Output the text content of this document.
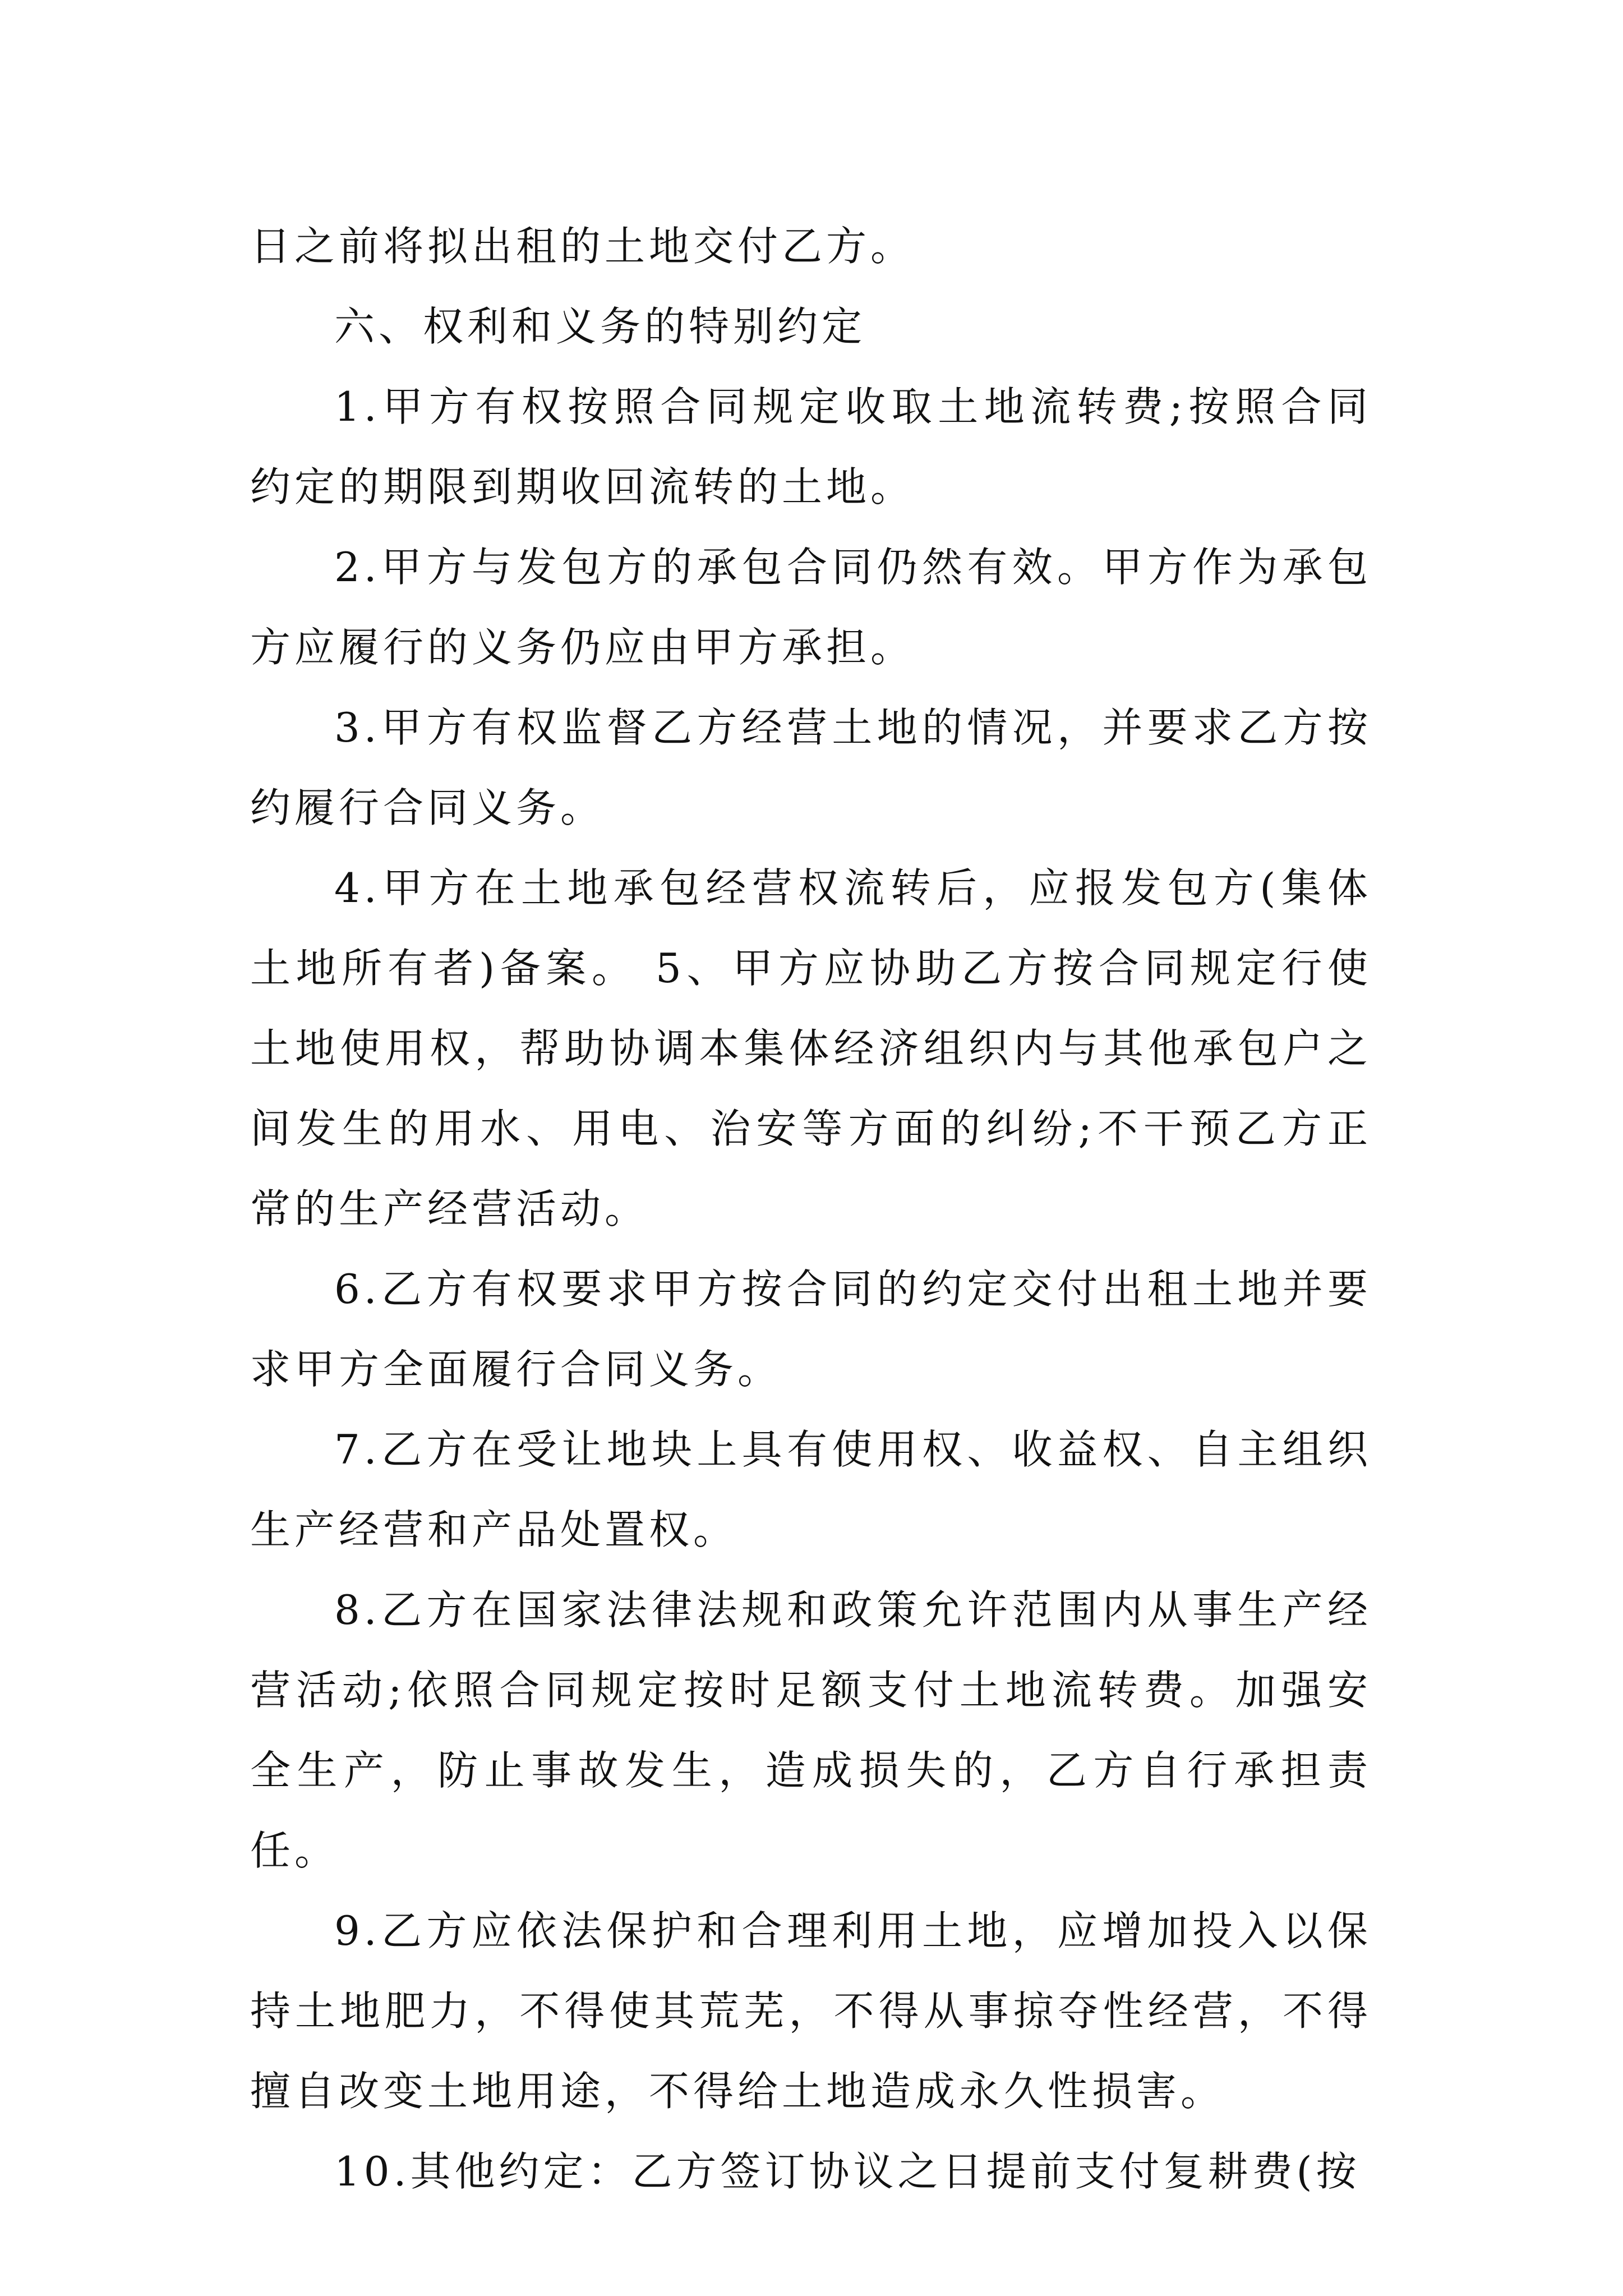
日之前将拟出租的土地交付乙方。

六、权利和义务的特别约定

1.甲方有权按照合同规定收取土地流转费;按照合同约定的期限到期收回流转的土地。

2.甲方与发包方的承包合同仍然有效。甲方作为承包方应履行的义务仍应由甲方承担。

3.甲方有权监督乙方经营土地的情况，并要求乙方按约履行合同义务。

4.甲方在土地承包经营权流转后，应报发包方(集体土地所有者)备案。 5、甲方应协助乙方按合同规定行使土地使用权，帮助协调本集体经济组织内与其他承包户之间发生的用水、用电、治安等方面的纠纷;不干预乙方正常的生产经营活动。

6.乙方有权要求甲方按合同的约定交付出租土地并要求甲方全面履行合同义务。

7.乙方在受让地块上具有使用权、收益权、自主组织生产经营和产品处置权。

8.乙方在国家法律法规和政策允许范围内从事生产经营活动;依照合同规定按时足额支付土地流转费。加强安全生产，防止事故发生，造成损失的，乙方自行承担责任。

9.乙方应依法保护和合理利用土地，应增加投入以保持土地肥力，不得使其荒芜，不得从事掠夺性经营，不得擅自改变土地用途，不得给土地造成永久性损害。

10.其他约定：乙方签订协议之日提前支付复耕费(按
